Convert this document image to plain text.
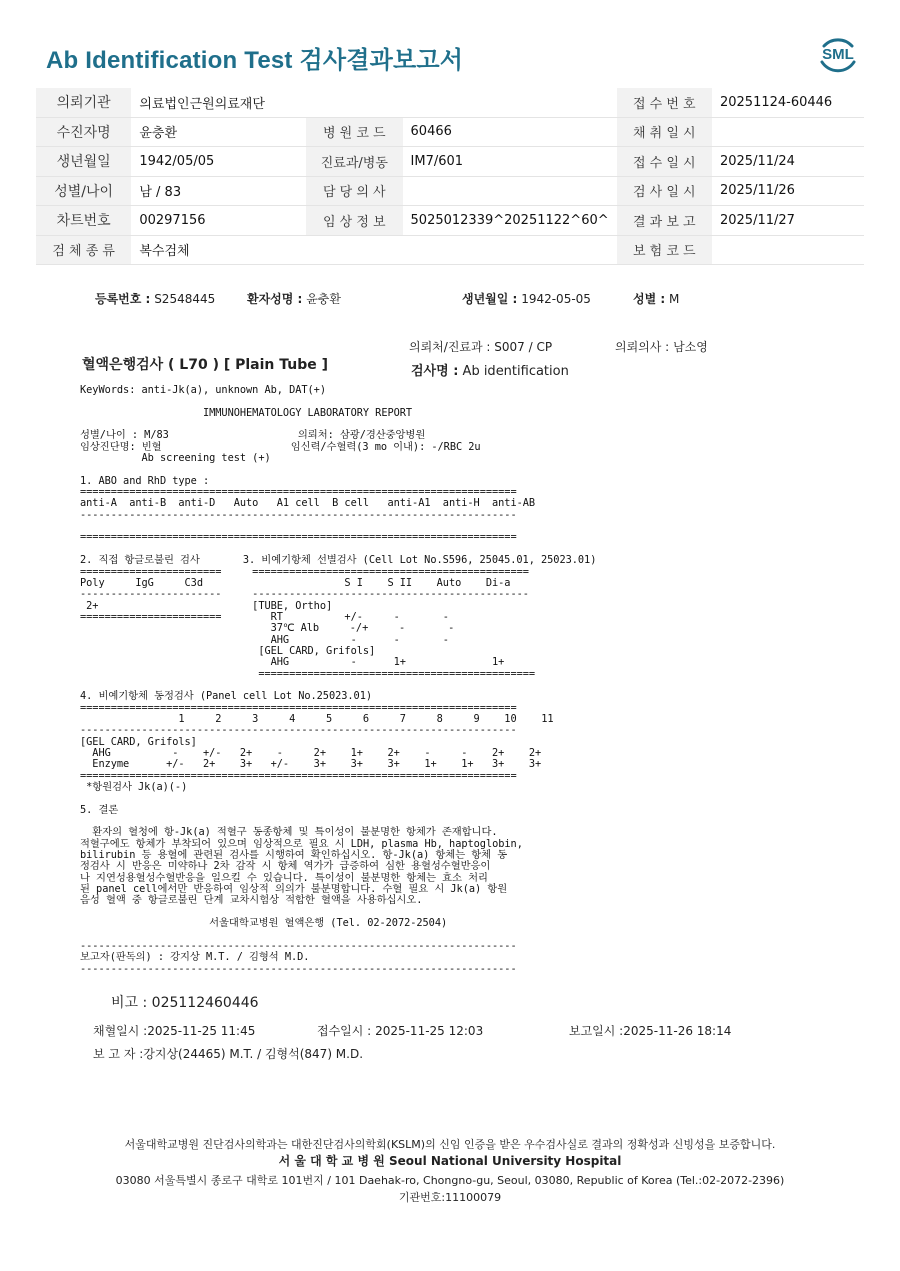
Ab Identification Test 검사결과보고서	SML
의뢰기관	의료법인근원의료재단			접 수 번 호	20251124-60446
수진자명	윤충환	병 원 코 드	60466	채 취 일 시	
생년월일	1942/05/05	진료과/병동	IM7/601	접 수 일 시	2025/11/24
성별/나이	남 / 83	담 당 의 사		검 사 일 시	2025/11/26
차트번호	00297156	임 상 정 보	5025012339^20251122^60^	결 과 보 고	2025/11/27
검 체 종 류	복수검체			보 험 코 드	
등록번호 : S2548445	환자성명 : 윤충환	생년월일 : 1942-05-05	성별 : M
의뢰처/진료과 : S007 / CP	의뢰의사 : 남소영
혈액은행검사 ( L70 ) [ Plain Tube ]	검사명 : Ab identification
KeyWords: anti-Jk(a), unknown Ab, DAT(+)
IMMUNOHEMATOLOGY LABORATORY REPORT
성별/나이 : M/83                     의뢰처: 삼광/경산중앙병원
임상진단명: 빈혈                     임신력/수혈력(3 mo 이내): -/RBC 2u
Ab screening test (+)
1. ABO and RhD type :
=======================================================================
anti-A  anti-B  anti-D   Auto   A1 cell  B cell   anti-A1  anti-H  anti-AB
-----------------------------------------------------------------------
=======================================================================
2. 직접 항글로불린 검사       3. 비예기항체 선별검사 (Cell Lot No.S596, 25045.01, 25023.01)
=======================     =============================================
Poly     IgG     C3d                       S I    S II    Auto    Di-a
-----------------------     ---------------------------------------------
2+                         [TUBE, Ortho]
=======================        RT          +/-     -       -
37℃ Alb     -/+     -       -
AHG          -      -       -
[GEL CARD, Grifols]
AHG          -      1+              1+
=============================================
4. 비예기항체 동정검사 (Panel cell Lot No.25023.01)
=======================================================================
1     2     3     4     5     6     7     8     9    10    11
-----------------------------------------------------------------------
[GEL CARD, Grifols]
AHG          -    +/-   2+    -     2+    1+    2+    -     -    2+    2+
Enzyme      +/-   2+    3+   +/-    3+    3+    3+    1+    1+   3+    3+
=======================================================================
*항원검사 Jk(a)(-)
5. 결론
환자의 혈청에 항-Jk(a) 적혈구 동종항체 및 특이성이 불분명한 항체가 존재합니다.
적혈구에도 항체가 부착되어 있으며 임상적으로 필요 시 LDH, plasma Hb, haptoglobin,
bilirubin 등 용혈에 관련된 검사를 시행하여 확인하십시오. 항-Jk(a) 항체는 항체 동
정검사 시 반응은 미약하나 2차 감작 시 항체 역가가 급증하여 심한 용혈성수혈반응이
나 지연성용혈성수혈반응을 일으킬 수 있습니다. 특이성이 불분명한 항체는 효소 처리
된 panel cell에서만 반응하여 임상적 의의가 불분명합니다. 수혈 필요 시 Jk(a) 항원
음성 혈액 중 항글로불린 단계 교차시험상 적합한 혈액을 사용하십시오.
서울대학교병원 혈액은행 (Tel. 02-2072-2504)
-----------------------------------------------------------------------
보고자(판독의) : 강지상 M.T. / 김형석 M.D.
-----------------------------------------------------------------------
비고 : 025112460446
채혈일시 :2025-11-25 11:45	접수일시 : 2025-11-25 12:03	보고일시 :2025-11-26 18:14
보 고 자 :강지상(24465) M.T. / 김형석(847) M.D.
서울대학교병원 진단검사의학과는 대한진단검사의학회(KSLM)의 신임 인증을 받은 우수검사실로 결과의 정확성과 신빙성을 보증합니다.
서 울 대 학 교 병 원 Seoul National University Hospital
03080 서울특별시 종로구 대학로 101번지 / 101 Daehak-ro, Chongno-gu, Seoul, 03080, Republic of Korea (Tel.:02-2072-2396)
기관번호:11100079
